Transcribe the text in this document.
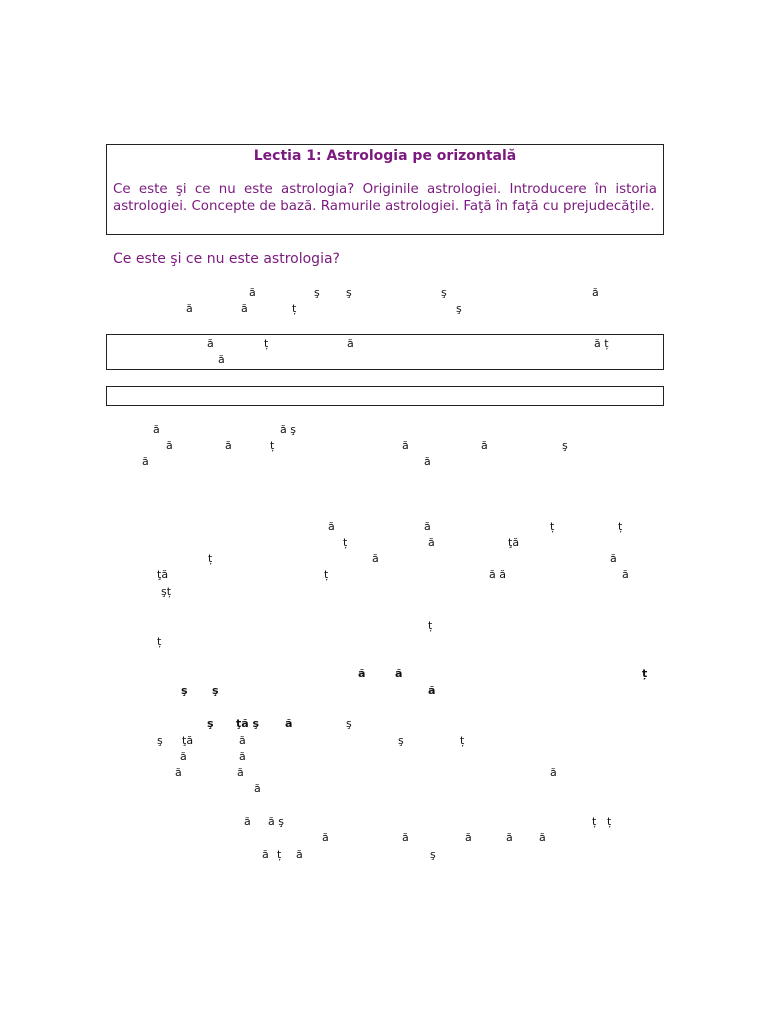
Lectia 1: Astrologia pe orizontală
Ce este şi ce nu este astrologia? Originile astrologiei. Introducere în istoria astrologiei. Concepte de bază. Ramurile astrologiei. Faţă în faţă cu prejudecăţile.
Ce este şi ce nu este astrologia?
ă	ş ş	ş	ă
ă	ă	ț	ş
ă	ț	ă	ă ț
ă
ă	ă ş
ă	ă	ț	ă	ă	ş
ă	ă
ă	ă	ț	ț
ț	ă	ţă
ț	ă	ă
ţă	ț	ă ă	ă
şț
ț
ț
ă	ă	ț
ş ş	ă
ş ţă ş ă	ş
ş ţă	ă	ş	ț
ă	ă
ă	ă	ă
ă
ă ă ş	ț ț
ă	ă	ă	ă ă
ă ț ă	ş
